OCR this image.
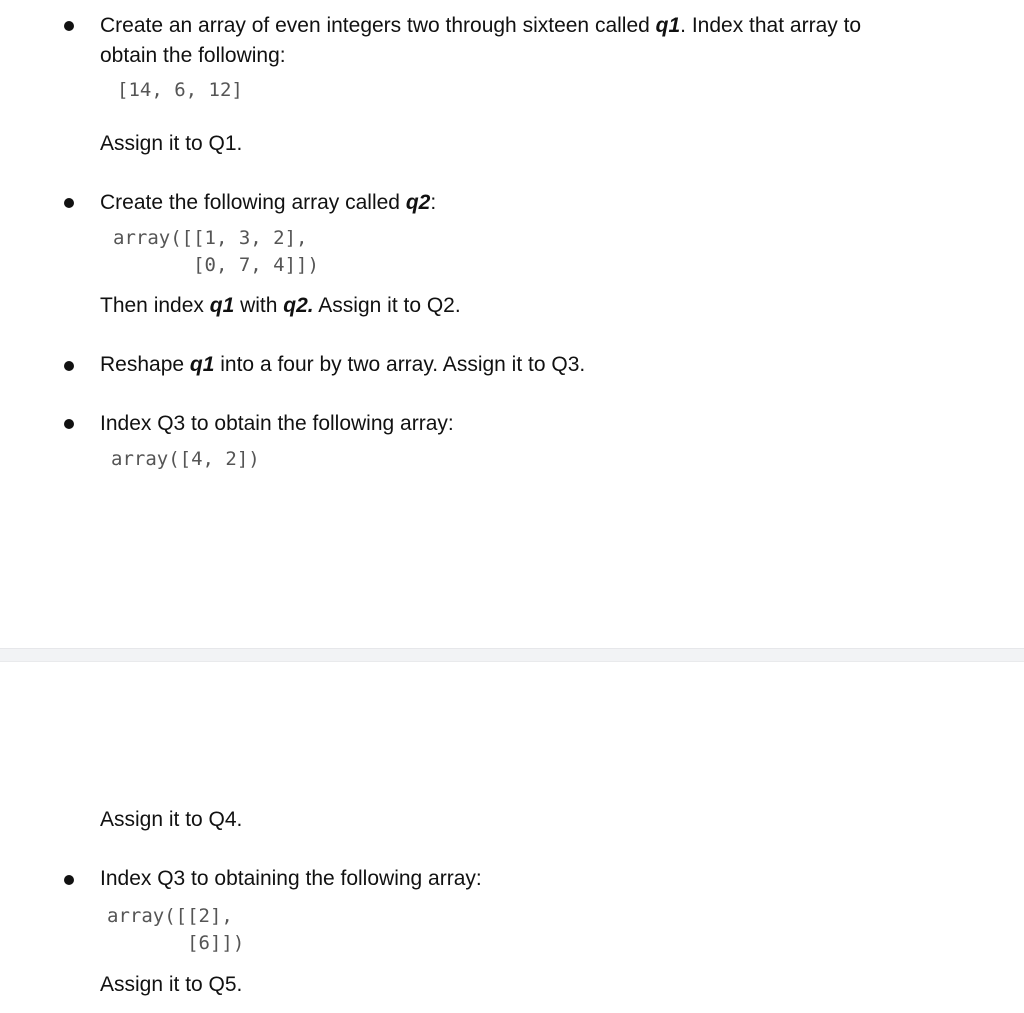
Create an array of even integers two through sixteen called q1. Index that array to

obtain the following:

[14, 6, 12]

Assign it to Q1.

Create the following array called q2:

array([[1, 3, 2],
[0, 7, 4]])

Then index q1 with q2. Assign it to Q2.

Reshape q1 into a four by two array. Assign it to Q3.

Index Q3 to obtain the following array:

array([4, 2])

Assign it to Q4.

Index Q3 to obtaining the following array:

array([[2],
[6]])

Assign it to Q5.
